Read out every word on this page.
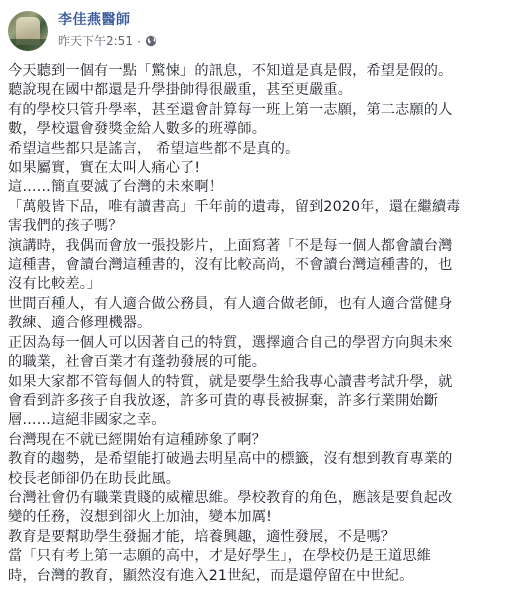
李佳燕醫師
昨天下午2:51 ·
今天聽到一個有一點「驚悚」的訊息，不知道是真是假，希望是假的。
聽說現在國中都還是升學掛帥得很嚴重，甚至更嚴重。
有的學校只管升學率，甚至還會計算每一班上第一志願，第二志願的人
數，學校還會發獎金給人數多的班導師。
希望這些都只是謠言， 希望這些都不是真的。
如果屬實，實在太叫人痛心了!
這……簡直要滅了台灣的未來啊！
「萬般皆下品，唯有讀書高」千年前的遺毒，留到2020年，還在繼續毒
害我們的孩子嗎？
演講時，我偶而會放一張投影片，上面寫著「不是每一個人都會讀台灣
這種書，會讀台灣這種書的，沒有比較高尚，不會讀台灣這種書的，也
沒有比較差。」
世間百種人，有人適合做公務員，有人適合做老師，也有人適合當健身
教練、適合修理機器。
正因為每一個人可以因著自己的特質，選擇適合自己的學習方向與未來
的職業，社會百業才有蓬勃發展的可能。
如果大家都不管每個人的特質，就是要學生給我專心讀書考試升學，就
會看到許多孩子自我放逐，許多可貴的專長被摒棄，許多行業開始斷
層……這絕非國家之幸。
台灣現在不就已經開始有這種跡象了啊？
教育的趨勢，是希望能打破過去明星高中的標籤，沒有想到教育專業的
校長老師卻仍在助長此風。
台灣社會仍有職業貴賤的威權思維。學校教育的角色，應該是要負起改
變的任務，沒想到卻火上加油，變本加厲!
教育是要幫助學生發掘才能，培養興趣，適性發展，不是嗎？
當「只有考上第一志願的高中，才是好學生」，在學校仍是王道思維
時，台灣的教育，顯然沒有進入21世紀，而是還停留在中世紀。
